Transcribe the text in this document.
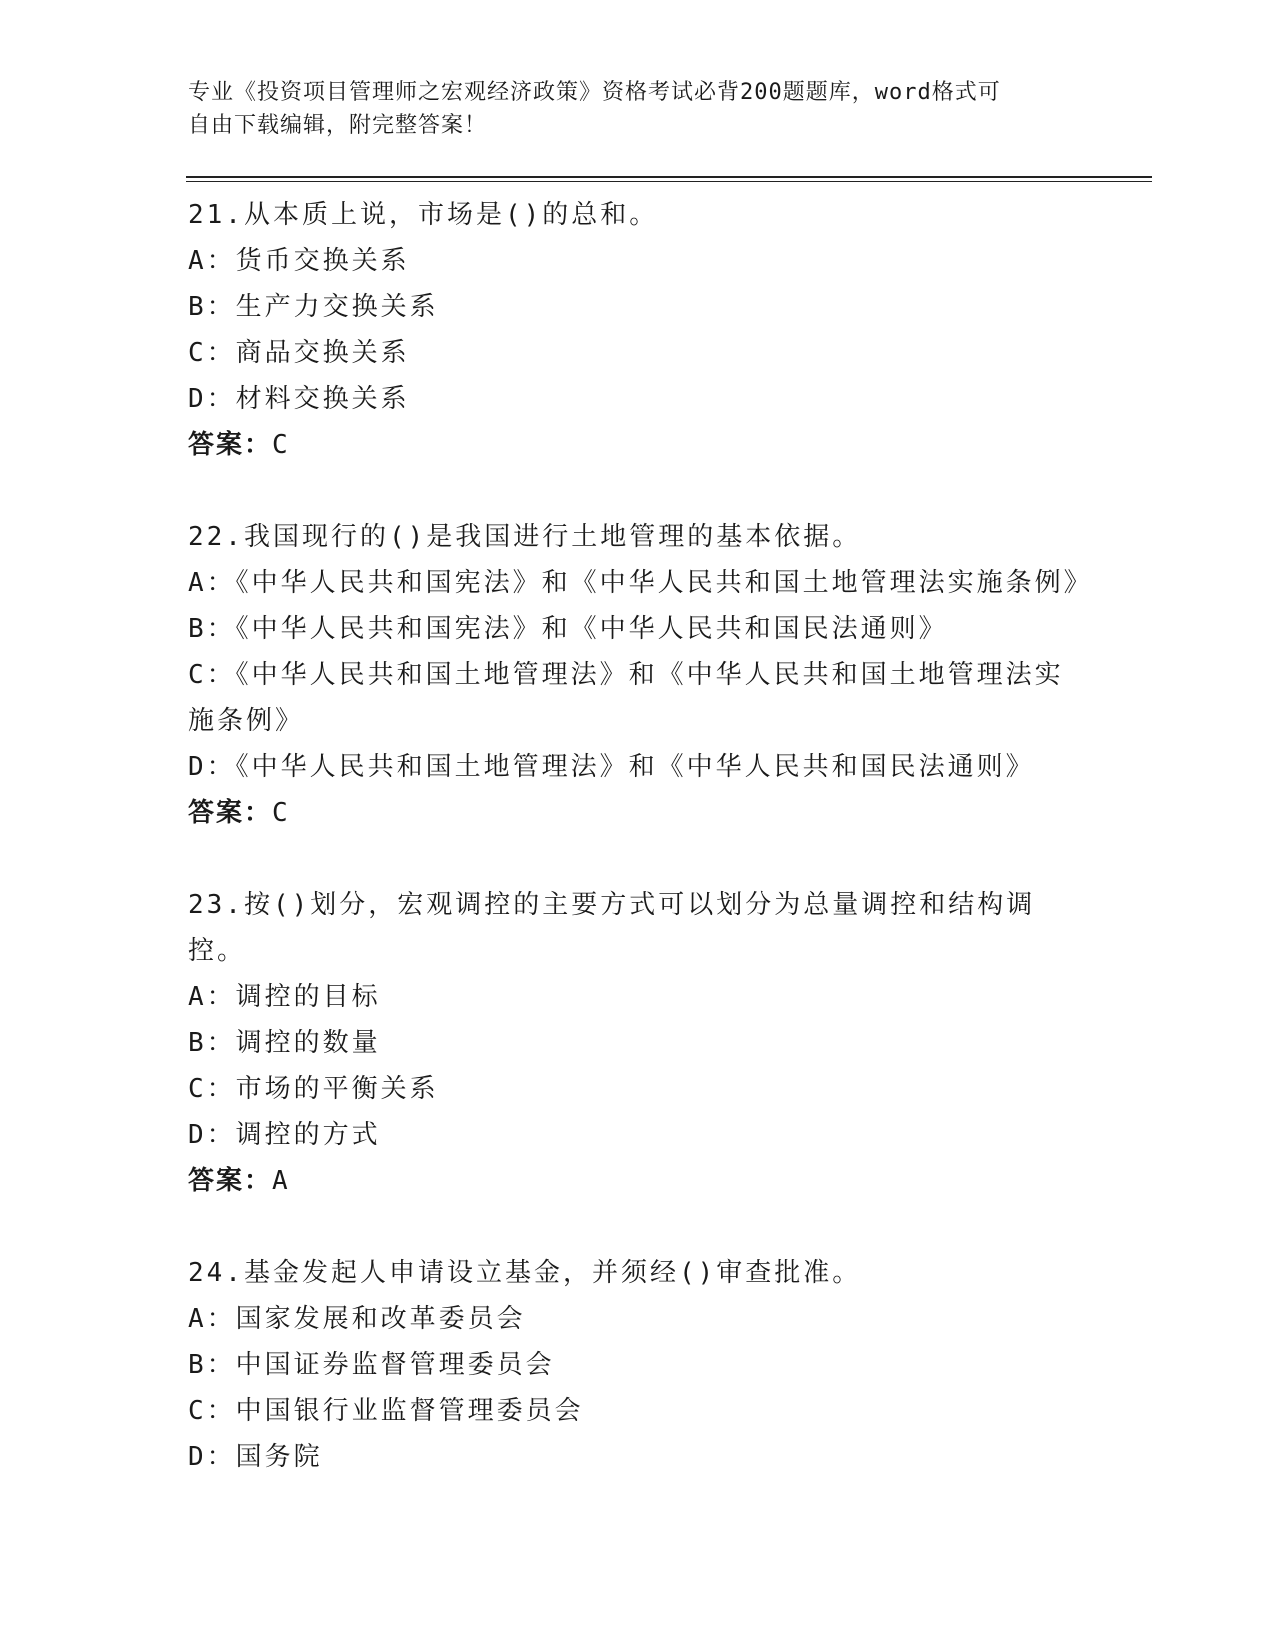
专业《投资项目管理师之宏观经济政策》资格考试必背200题题库，word格式可
自由下载编辑，附完整答案！
21.从本质上说，市场是()的总和。
A：货币交换关系
B：生产力交换关系
C：商品交换关系
D：材料交换关系
答案：C
22.我国现行的()是我国进行土地管理的基本依据。
A：《中华人民共和国宪法》和《中华人民共和国土地管理法实施条例》
B：《中华人民共和国宪法》和《中华人民共和国民法通则》
C：《中华人民共和国土地管理法》和《中华人民共和国土地管理法实施条例》
D：《中华人民共和国土地管理法》和《中华人民共和国民法通则》
答案：C
23.按()划分，宏观调控的主要方式可以划分为总量调控和结构调控。
A：调控的目标
B：调控的数量
C：市场的平衡关系
D：调控的方式
答案：A
24.基金发起人申请设立基金，并须经()审查批准。
A：国家发展和改革委员会
B：中国证券监督管理委员会
C：中国银行业监督管理委员会
D：国务院
